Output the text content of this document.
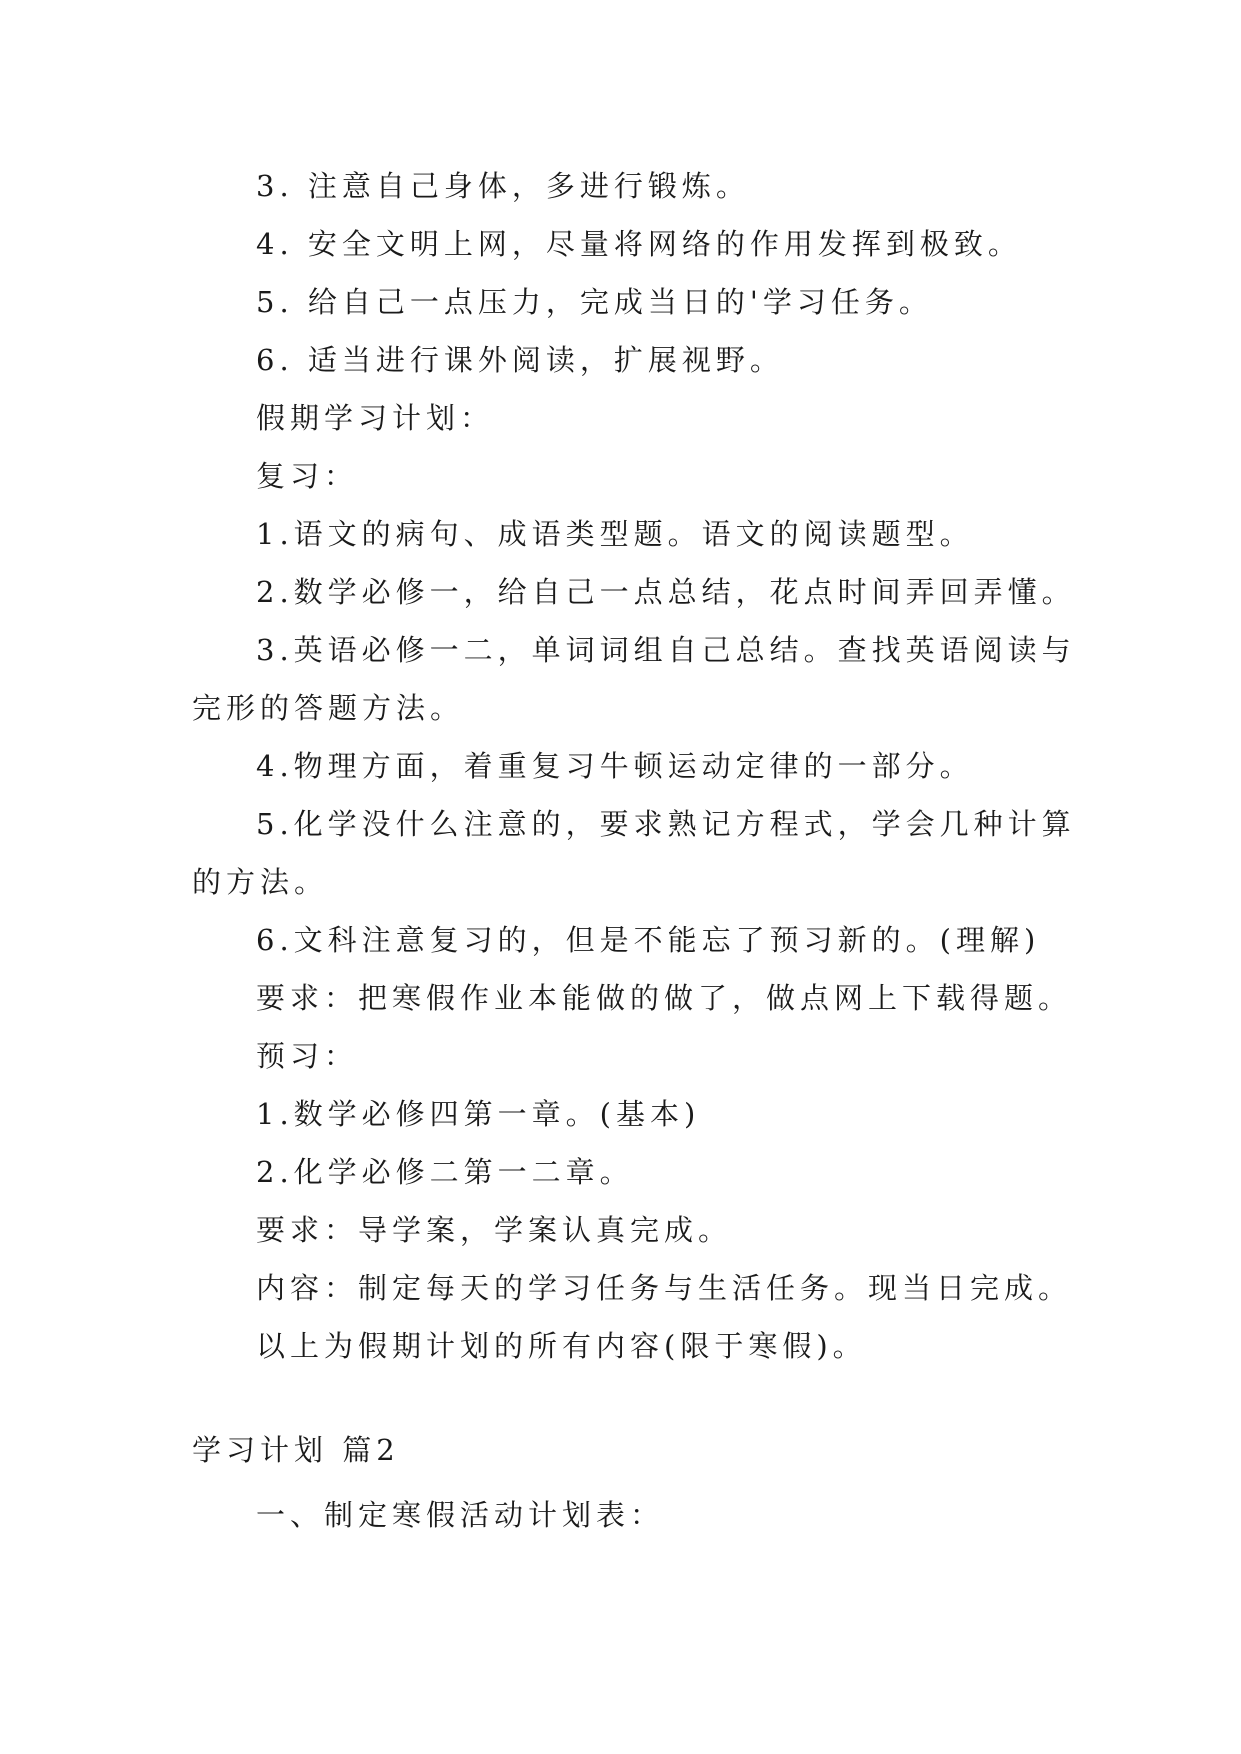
3. 注意自己身体，多进行锻炼。
4. 安全文明上网，尽量将网络的作用发挥到极致。
5. 给自己一点压力，完成当日的'学习任务。
6. 适当进行课外阅读，扩展视野。
假期学习计划：
复习：
1.语文的病句、成语类型题。语文的阅读题型。
2.数学必修一，给自己一点总结，花点时间弄回弄懂。
3.英语必修一二，单词词组自己总结。查找英语阅读与
完形的答题方法。
4.物理方面，着重复习牛顿运动定律的一部分。
5.化学没什么注意的，要求熟记方程式，学会几种计算
的方法。
6.文科注意复习的，但是不能忘了预习新的。(理解)
要求：把寒假作业本能做的做了，做点网上下载得题。
预习：
1.数学必修四第一章。(基本)
2.化学必修二第一二章。
要求：导学案，学案认真完成。
内容：制定每天的学习任务与生活任务。现当日完成。
以上为假期计划的所有内容(限于寒假)。
学习计划 篇2
一、制定寒假活动计划表：
